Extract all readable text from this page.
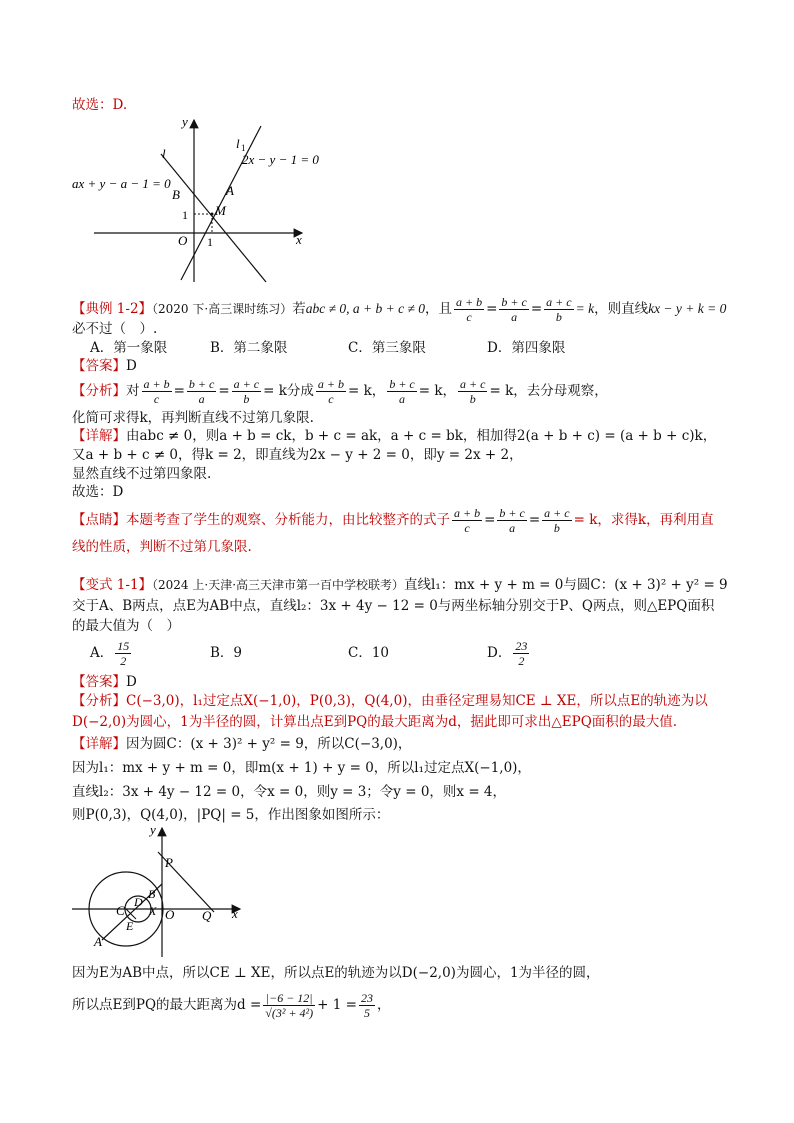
故选：D.
y
x
O 1
1
l
l 1
2x − y − 1 = 0
ax + y − a − 1 = 0	A
B
M
【典例 1-2】（2020 下·高三课时练习）若abc ≠ 0, a + b + c ≠ 0，且 $\frac{a + b}{c} = \frac{b + c}{a} = \frac{a + c}{b} = k$，则直线kx − y + k = 0
必不过（　）.
A．第一象限	B．第二象限	C．第三象限	D．第四象限
【答案】D
【分析】对 $\frac{a + b}{c} = \frac{b + c}{a} = \frac{a + c}{b} = k$分成 $\frac{a + b}{c} = k$， $\frac{b + c}{a} = k$， $\frac{a + c}{b} = k$，去分母观察，
化简可求得k，再判断直线不过第几象限.
【详解】由abc ≠ 0，则a + b = ck，b + c = ak，a + c = bk，相加得2(a + b + c) = (a + b + c)k，
又a + b + c ≠ 0，得k = 2，即直线为2x − y + 2 = 0，即y = 2x + 2，
显然直线不过第四象限.
故选：D
【点睛】本题考查了学生的观察、分析能力，由比较整齐的式子 $\frac{a + b}{c} = \frac{b + c}{a} = \frac{a + c}{b} = k$，求得k，再利用直
线的性质，判断不过第几象限.
【变式 1-1】（2024 上·天津·高三天津市第一百中学校联考）直线l₁：mx + y + m = 0与圆C：(x + 3)² + y² = 9
交于A、B两点，点E为AB中点，直线l₂：3x + 4y − 12 = 0与两坐标轴分别交于P、Q两点，则△EPQ面积
的最大值为（　）
A． $\frac{15}{2}$	B．9	C．10	D． $\frac{23}{2}$
【答案】D
【分析】C(−3,0)，l₁过定点X(−1,0)，P(0,3)，Q(4,0)，由垂径定理易知CE ⊥ XE，所以点E的轨迹为以
D(−2,0)为圆心，1为半径的圆，计算出点E到PQ的最大距离为d，据此即可求出△EPQ面积的最大值.
【详解】因为圆C：(x + 3)² + y² = 9，所以C(−3,0)，
因为l₁：mx + y + m = 0，即m(x + 1) + y = 0，所以l₁过定点X(−1,0)，
直线l₂：3x + 4y − 12 = 0，令x = 0，则y = 3；令y = 0，则x = 4，
则P(0,3)，Q(4,0)，|PQ| = 5，作出图象如图所示：
y
x
O
P
Q
A
B
C
D
E
X
因为E为AB中点，所以CE ⊥ XE，所以点E的轨迹为以D(−2,0)为圆心，1为半径的圆，
所以点E到PQ的最大距离为$d = \frac{|-6 - 12|}{\text{√(3² + 4²)}} + 1 = \frac{23}{5}$ ，
